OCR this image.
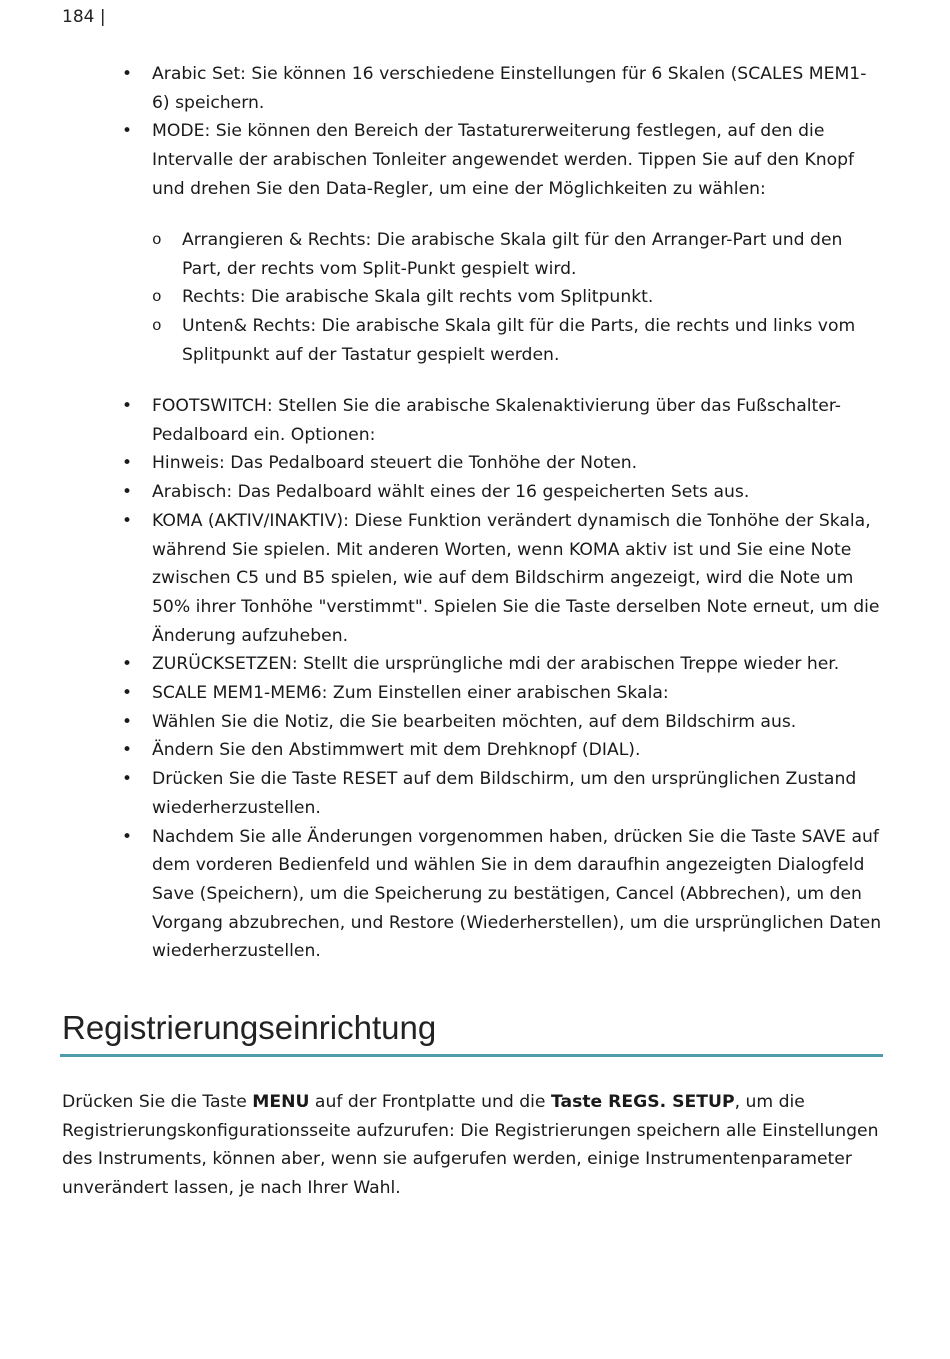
184 |
• Arabic Set: Sie können 16 verschiedene Einstellungen für 6 Skalen (SCALES MEM1-6) speichern.
• MODE: Sie können den Bereich der Tastaturerweiterung festlegen, auf den die Intervalle der arabischen Tonleiter angewendet werden. Tippen Sie auf den Knopf und drehen Sie den Data-Regler, um eine der Möglichkeiten zu wählen:
o Arrangieren & Rechts: Die arabische Skala gilt für den Arranger-Part und den Part, der rechts vom Split-Punkt gespielt wird.
o Rechts: Die arabische Skala gilt rechts vom Splitpunkt.
o Unten& Rechts: Die arabische Skala gilt für die Parts, die rechts und links vom Splitpunkt auf der Tastatur gespielt werden.
• FOOTSWITCH: Stellen Sie die arabische Skalenaktivierung über das Fußschalter-Pedalboard ein. Optionen:
• Hinweis: Das Pedalboard steuert die Tonhöhe der Noten.
• Arabisch: Das Pedalboard wählt eines der 16 gespeicherten Sets aus.
• KOMA (AKTIV/INAKTIV): Diese Funktion verändert dynamisch die Tonhöhe der Skala, während Sie spielen. Mit anderen Worten, wenn KOMA aktiv ist und Sie eine Note zwischen C5 und B5 spielen, wie auf dem Bildschirm angezeigt, wird die Note um 50% ihrer Tonhöhe "verstimmt". Spielen Sie die Taste derselben Note erneut, um die Änderung aufzuheben.
• ZURÜCKSETZEN: Stellt die ursprüngliche mdi der arabischen Treppe wieder her.
• SCALE MEM1-MEM6: Zum Einstellen einer arabischen Skala:
• Wählen Sie die Notiz, die Sie bearbeiten möchten, auf dem Bildschirm aus.
• Ändern Sie den Abstimmwert mit dem Drehknopf (DIAL).
• Drücken Sie die Taste RESET auf dem Bildschirm, um den ursprünglichen Zustand wiederherzustellen.
• Nachdem Sie alle Änderungen vorgenommen haben, drücken Sie die Taste SAVE auf dem vorderen Bedienfeld und wählen Sie in dem daraufhin angezeigten Dialogfeld Save (Speichern), um die Speicherung zu bestätigen, Cancel (Abbrechen), um den Vorgang abzubrechen, und Restore (Wiederherstellen), um die ursprünglichen Daten wiederherzustellen.
Registrierungseinrichtung

Drücken Sie die Taste MENU auf der Frontplatte und die Taste REGS. SETUP, um die Registrierungskonfigurationsseite aufzurufen: Die Registrierungen speichern alle Einstellungen des Instruments, können aber, wenn sie aufgerufen werden, einige Instrumentenparameter unverändert lassen, je nach Ihrer Wahl.
